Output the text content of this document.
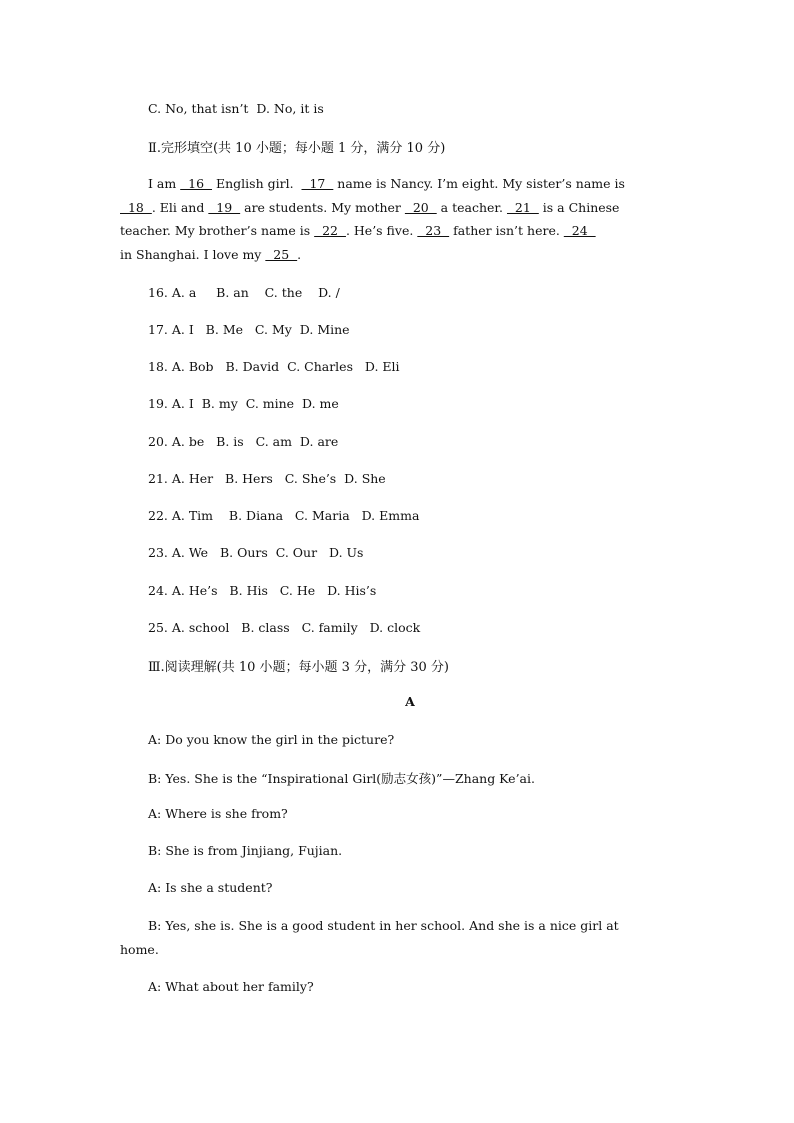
C. No, that isn’t  D. No, it is
Ⅱ.完形填空(共 10 小题；每小题 1 分，满分 10 分)
I am   16   English girl.    17   name is Nancy. I’m eight. My sister’s name is
18  . Eli and   19   are students. My mother   20   a teacher.   21   is a Chinese
teacher. My brother’s name is   22  . He’s five.   23   father isn’t here.   24
in Shanghai. I love my   25  .
16. A. a     B. an    C. the    D. /
17. A. I   B. Me   C. My  D. Mine
18. A. Bob   B. David  C. Charles   D. Eli
19. A. I  B. my  C. mine  D. me
20. A. be   B. is   C. am  D. are
21. A. Her   B. Hers   C. She’s  D. She
22. A. Tim    B. Diana   C. Maria   D. Emma
23. A. We   B. Ours  C. Our   D. Us
24. A. He’s   B. His   C. He   D. His’s
25. A. school   B. class   C. family   D. clock
Ⅲ.阅读理解(共 10 小题；每小题 3 分，满分 30 分)
A
A: Do you know the girl in the picture?
B: Yes. She is the “Inspirational Girl(励志女孩)”—Zhang Ke’ai.
A: Where is she from?
B: She is from Jinjiang, Fujian.
A: Is she a student?
B: Yes, she is. She is a good student in her school. And she is a nice girl at
home.
A: What about her family?
